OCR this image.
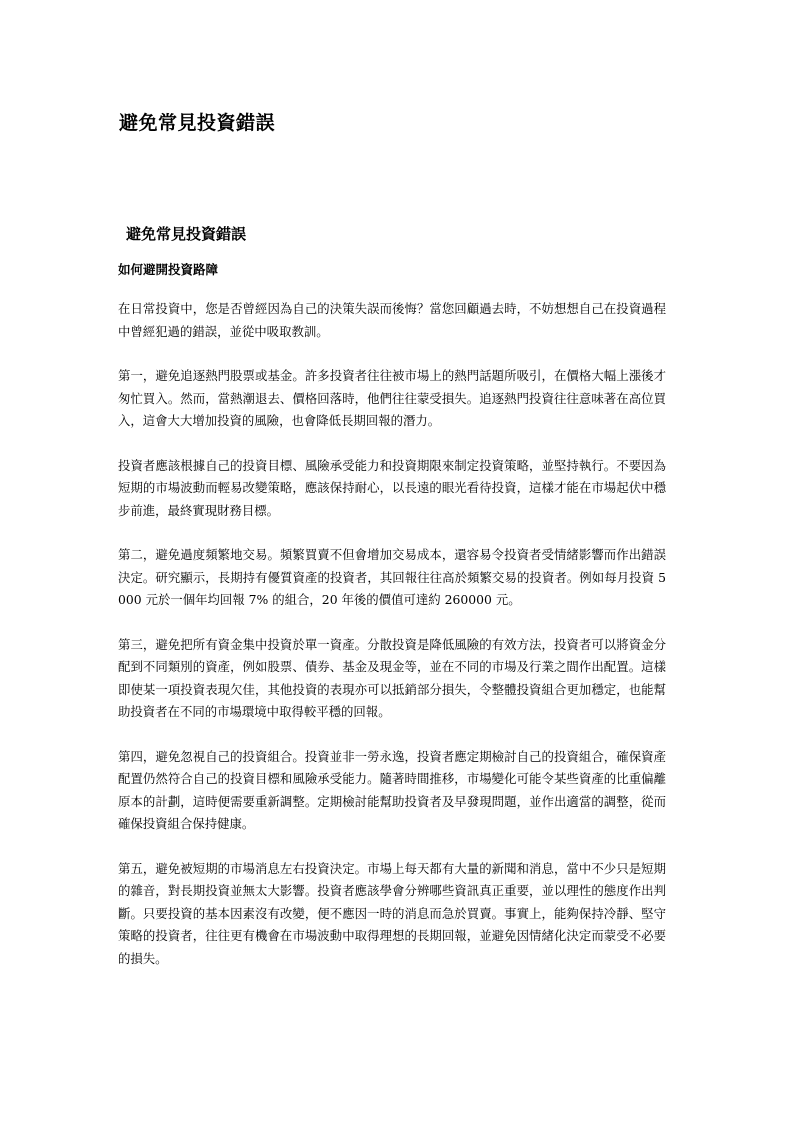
避免常見投資錯誤
避免常見投資錯誤
如何避開投資路障

在日常投資中，您是否曾經因為自己的決策失誤而後悔？當您回顧過去時，不妨想想自己在投資過程中曾經犯過的錯誤，並從中吸取教訓。

第一，避免追逐熱門股票或基金。許多投資者往往被市場上的熱門話題所吸引，在價格大幅上漲後才匆忙買入。然而，當熱潮退去、價格回落時，他們往往蒙受損失。追逐熱門投資往往意味著在高位買入，這會大大增加投資的風險，也會降低長期回報的潛力。

投資者應該根據自己的投資目標、風險承受能力和投資期限來制定投資策略，並堅持執行。不要因為短期的市場波動而輕易改變策略，應該保持耐心，以長遠的眼光看待投資，這樣才能在市場起伏中穩步前進，最終實現財務目標。

第二，避免過度頻繁地交易。頻繁買賣不但會增加交易成本，還容易令投資者受情緒影響而作出錯誤決定。研究顯示，長期持有優質資產的投資者，其回報往往高於頻繁交易的投資者。例如每月投資 5000 元於一個年均回報 7% 的組合，20 年後的價值可達約 260000 元。

第三，避免把所有資金集中投資於單一資產。分散投資是降低風險的有效方法，投資者可以將資金分配到不同類別的資產，例如股票、債券、基金及現金等，並在不同的市場及行業之間作出配置。這樣即使某一項投資表現欠佳，其他投資的表現亦可以抵銷部分損失，令整體投資組合更加穩定，也能幫助投資者在不同的市場環境中取得較平穩的回報。

第四，避免忽視自己的投資組合。投資並非一勞永逸，投資者應定期檢討自己的投資組合，確保資產配置仍然符合自己的投資目標和風險承受能力。隨著時間推移，市場變化可能令某些資產的比重偏離原本的計劃，這時便需要重新調整。定期檢討能幫助投資者及早發現問題，並作出適當的調整，從而確保投資組合保持健康。

第五，避免被短期的市場消息左右投資決定。市場上每天都有大量的新聞和消息，當中不少只是短期的雜音，對長期投資並無太大影響。投資者應該學會分辨哪些資訊真正重要，並以理性的態度作出判斷。只要投資的基本因素沒有改變，便不應因一時的消息而急於買賣。事實上，能夠保持冷靜、堅守策略的投資者，往往更有機會在市場波動中取得理想的長期回報，並避免因情緒化決定而蒙受不必要的損失。
